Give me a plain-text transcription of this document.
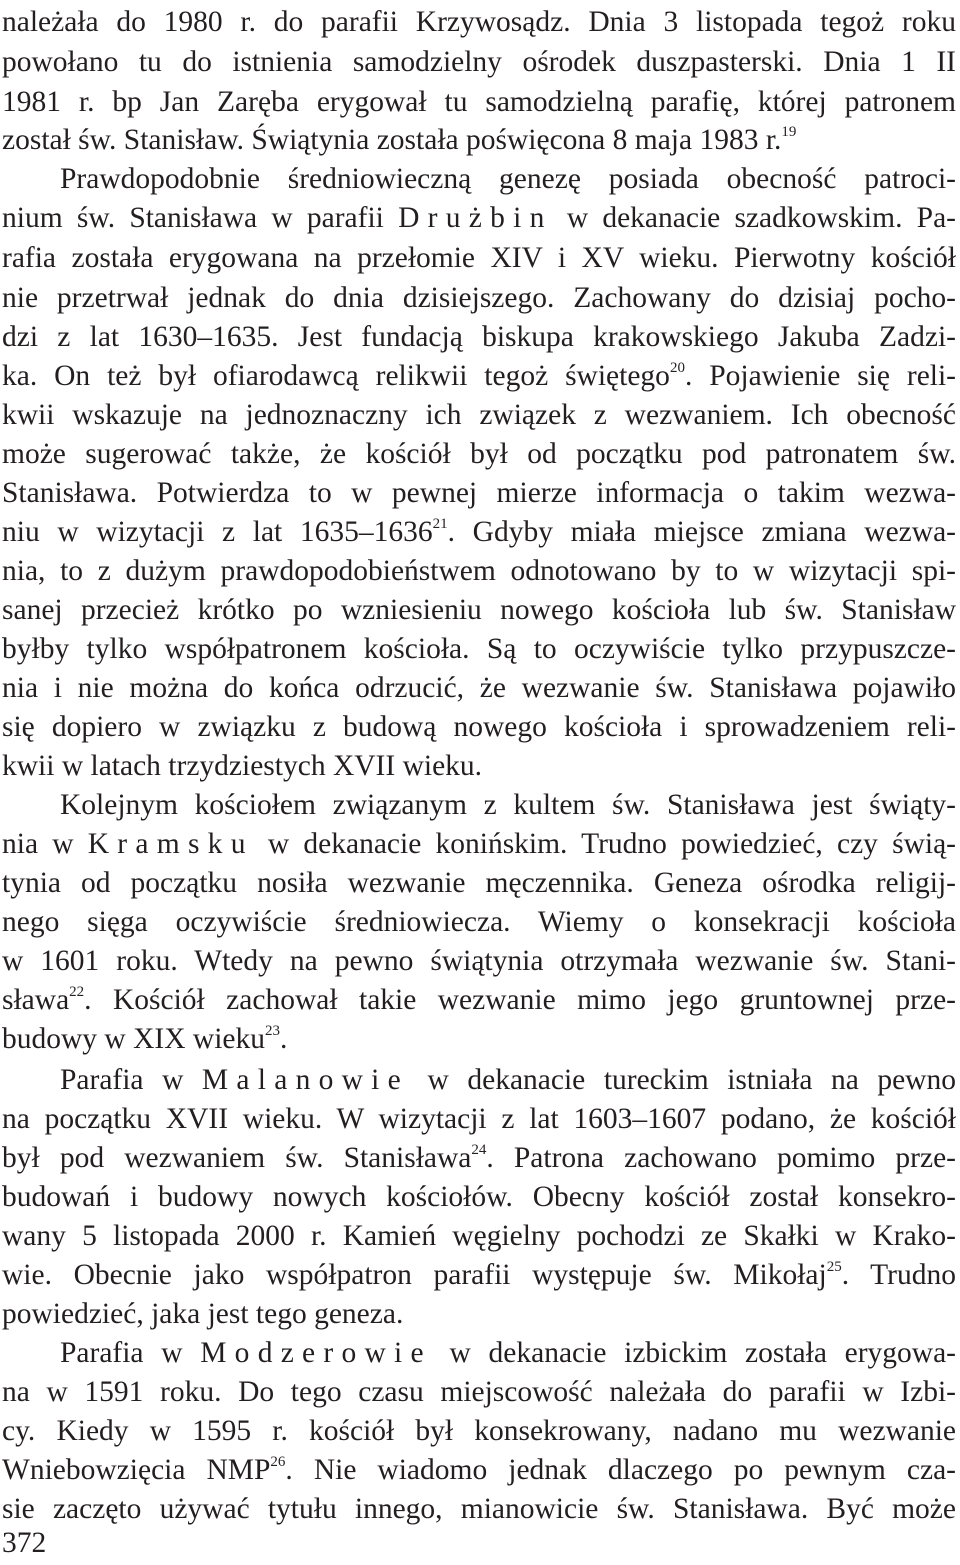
należała do 1980 r. do parafii Krzywosądz. Dnia 3 listopada tegoż roku
powołano tu do istnienia samodzielny ośrodek duszpasterski. Dnia 1 II
1981 r. bp Jan Zaręba erygował tu samodzielną parafię, której patronem
został św. Stanisław. Świątynia została poświęcona 8 maja 1983 r.$^{19}$
Prawdopodobnie średniowieczną genezę posiada obecność patroci-
nium św. Stanisława w parafii Drużbin w dekanacie szadkowskim. Pa-
rafia została erygowana na przełomie XIV i XV wieku. Pierwotny kościół
nie przetrwał jednak do dnia dzisiejszego. Zachowany do dzisiaj pocho-
dzi z lat 1630–1635. Jest fundacją biskupa krakowskiego Jakuba Zadzi-
ka. On też był ofiarodawcą relikwii tegoż świętego$^{20}$. Pojawienie się reli-
kwii wskazuje na jednoznaczny ich związek z wezwaniem. Ich obecność
może sugerować także, że kościół był od początku pod patronatem św.
Stanisława. Potwierdza to w pewnej mierze informacja o takim wezwa-
niu w wizytacji z lat 1635–1636$^{21}$. Gdyby miała miejsce zmiana wezwa-
nia, to z dużym prawdopodobieństwem odnotowano by to w wizytacji spi-
sanej przecież krótko po wzniesieniu nowego kościoła lub św. Stanisław
byłby tylko współpatronem kościoła. Są to oczywiście tylko przypuszcze-
nia i nie można do końca odrzucić, że wezwanie św. Stanisława pojawiło
się dopiero w związku z budową nowego kościoła i sprowadzeniem reli-
kwii w latach trzydziestych XVII wieku.
Kolejnym kościołem związanym z kultem św. Stanisława jest świąty-
nia w Kramsku w dekanacie konińskim. Trudno powiedzieć, czy świą-
tynia od początku nosiła wezwanie męczennika. Geneza ośrodka religij-
nego sięga oczywiście średniowiecza. Wiemy o konsekracji kościoła
w 1601 roku. Wtedy na pewno świątynia otrzymała wezwanie św. Stani-
sława$^{22}$. Kościół zachował takie wezwanie mimo jego gruntownej prze-
budowy w XIX wieku$^{23}$.
Parafia w Malanowie w dekanacie tureckim istniała na pewno
na początku XVII wieku. W wizytacji z lat 1603–1607 podano, że kościół
był pod wezwaniem św. Stanisława$^{24}$. Patrona zachowano pomimo prze-
budowań i budowy nowych kościołów. Obecny kościół został konsekro-
wany 5 listopada 2000 r. Kamień węgielny pochodzi ze Skałki w Krako-
wie. Obecnie jako współpatron parafii występuje św. Mikołaj$^{25}$. Trudno
powiedzieć, jaka jest tego geneza.
Parafia w Modzerowie w dekanacie izbickim została erygowa-
na w 1591 roku. Do tego czasu miejscowość należała do parafii w Izbi-
cy. Kiedy w 1595 r. kościół był konsekrowany, nadano mu wezwanie
Wniebowzięcia NMP$^{26}$. Nie wiadomo jednak dlaczego po pewnym cza-
sie zaczęto używać tytułu innego, mianowicie św. Stanisława. Być może
372
